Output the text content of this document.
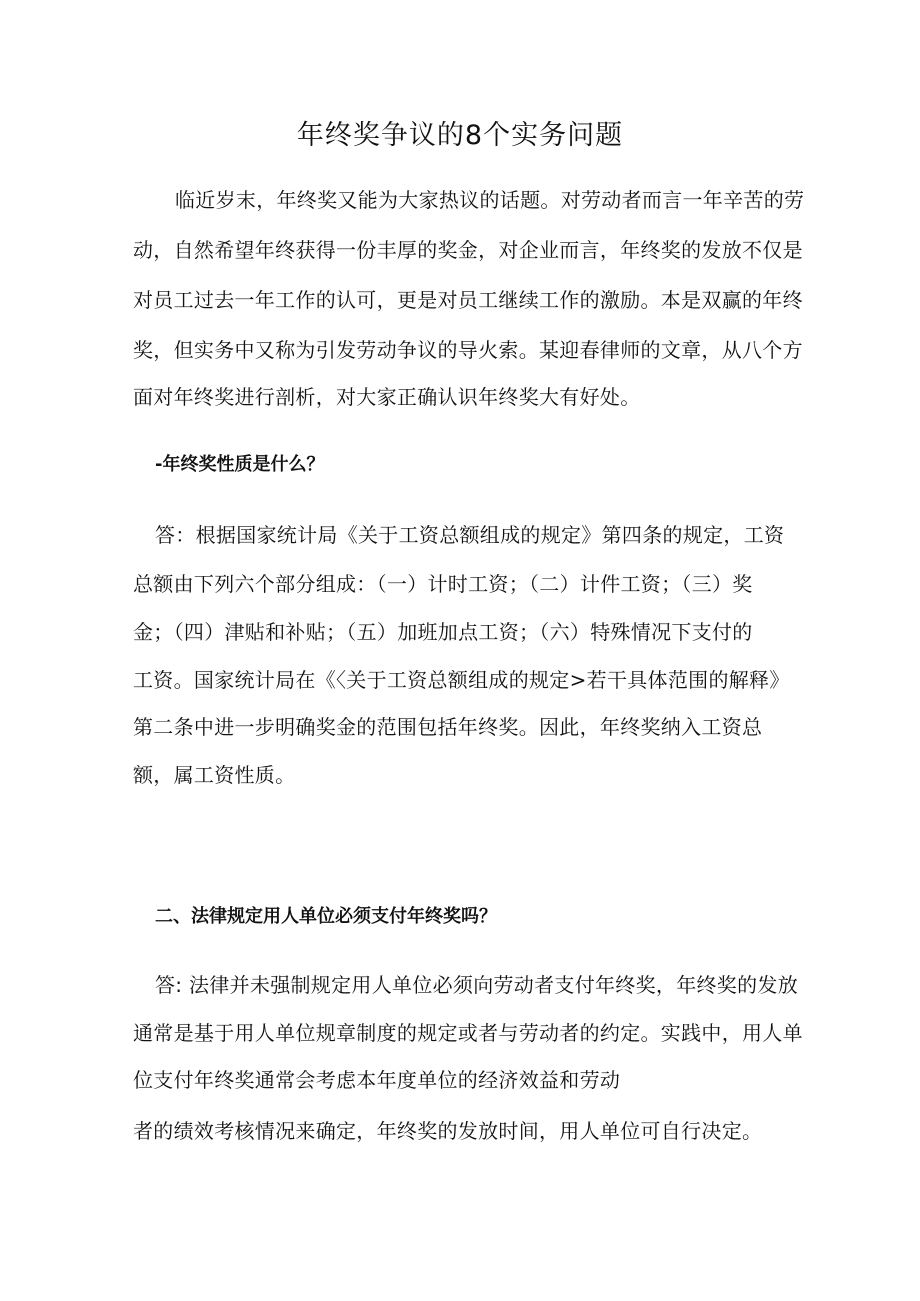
年终奖争议的8个实务问题
临近岁末，年终奖又能为大家热议的话题。对劳动者而言一年辛苦的劳
动，自然希望年终获得一份丰厚的奖金，对企业而言，年终奖的发放不仅是
对员工过去一年工作的认可，更是对员工继续工作的激励。本是双赢的年终
奖，但实务中又称为引发劳动争议的导火索。某迎春律师的文章，从八个方
面对年终奖进行剖析，对大家正确认识年终奖大有好处。
-年终奖性质是什么？
答：根据国家统计局《关于工资总额组成的规定》第四条的规定，工资
总额由下列六个部分组成：（一）计时工资；（二）计件工资；（三）奖
金；（四）津贴和补贴；（五）加班加点工资；（六）特殊情况下支付的
工资。国家统计局在《〈关于工资总额组成的规定>若干具体范围的解释》
第二条中进一步明确奖金的范围包括年终奖。因此，年终奖纳入工资总
额，属工资性质。
二、法律规定用人单位必须支付年终奖吗？
答: 法律并未强制规定用人单位必须向劳动者支付年终奖，年终奖的发放
通常是基于用人单位规章制度的规定或者与劳动者的约定。实践中，用人单
位支付年终奖通常会考虑本年度单位的经济效益和劳动
者的绩效考核情况来确定，年终奖的发放时间，用人单位可自行决定。
